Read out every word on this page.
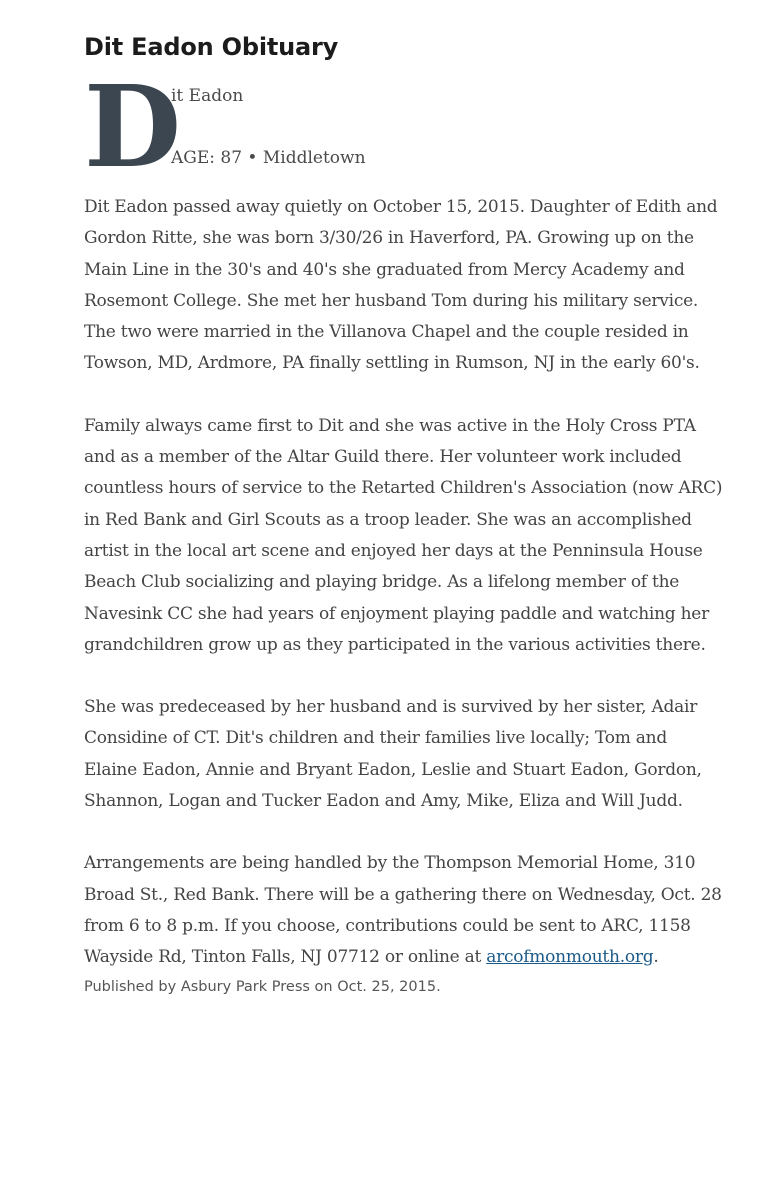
Dit Eadon Obituary
D
it Eadon
AGE: 87 • Middletown

Dit Eadon passed away quietly on October 15, 2015. Daughter of Edith and Gordon Ritte, she was born 3/30/26 in Haverford, PA. Growing up on the Main Line in the 30's and 40's she graduated from Mercy Academy and Rosemont College. She met her husband Tom during his military service. The two were married in the Villanova Chapel and the couple resided in Towson, MD, Ardmore, PA finally settling in Rumson, NJ in the early 60's.

Family always came first to Dit and she was active in the Holy Cross PTA and as a member of the Altar Guild there. Her volunteer work included countless hours of service to the Retarted Children's Association (now ARC) in Red Bank and Girl Scouts as a troop leader. She was an accomplished artist in the local art scene and enjoyed her days at the Penninsula House Beach Club socializing and playing bridge. As a lifelong member of the Navesink CC she had years of enjoyment playing paddle and watching her grandchildren grow up as they participated in the various activities there.

She was predeceased by her husband and is survived by her sister, Adair Considine of CT. Dit's children and their families live locally; Tom and Elaine Eadon, Annie and Bryant Eadon, Leslie and Stuart Eadon, Gordon, Shannon, Logan and Tucker Eadon and Amy, Mike, Eliza and Will Judd.

Arrangements are being handled by the Thompson Memorial Home, 310 Broad St., Red Bank. There will be a gathering there on Wednesday, Oct. 28 from 6 to 8 p.m. If you choose, contributions could be sent to ARC, 1158 Wayside Rd, Tinton Falls, NJ 07712 or online at arcofmonmouth.org.

Published by Asbury Park Press on Oct. 25, 2015.
